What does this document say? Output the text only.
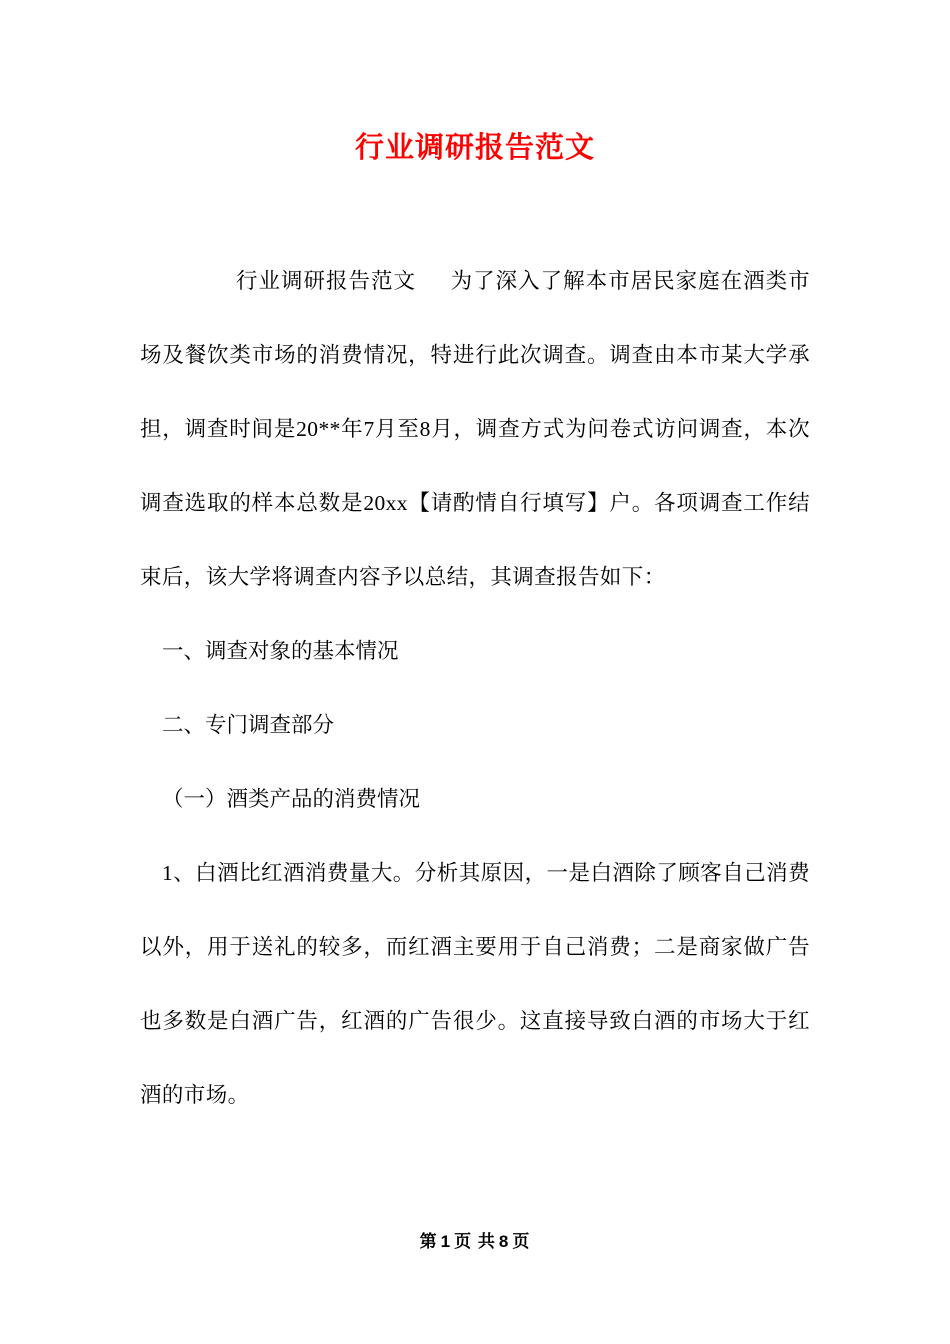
行业调研报告范文

行业调研报告范文 为了深入了解本市居民家庭在酒类市场及餐饮类市场的消费情况，特进行此次调查。调查由本市某大学承担，调查时间是20**年7月至8月，调查方式为问卷式访问调查，本次调查选取的样本总数是20xx【请酌情自行填写】户。各项调查工作结束后，该大学将调查内容予以总结，其调查报告如下：

一、调查对象的基本情况

二、专门调查部分

（一）酒类产品的消费情况

1、白酒比红酒消费量大。分析其原因，一是白酒除了顾客自己消费以外，用于送礼的较多，而红酒主要用于自己消费；二是商家做广告也多数是白酒广告，红酒的广告很少。这直接导致白酒的市场大于红酒的市场。

第 1 页 共 8 页
